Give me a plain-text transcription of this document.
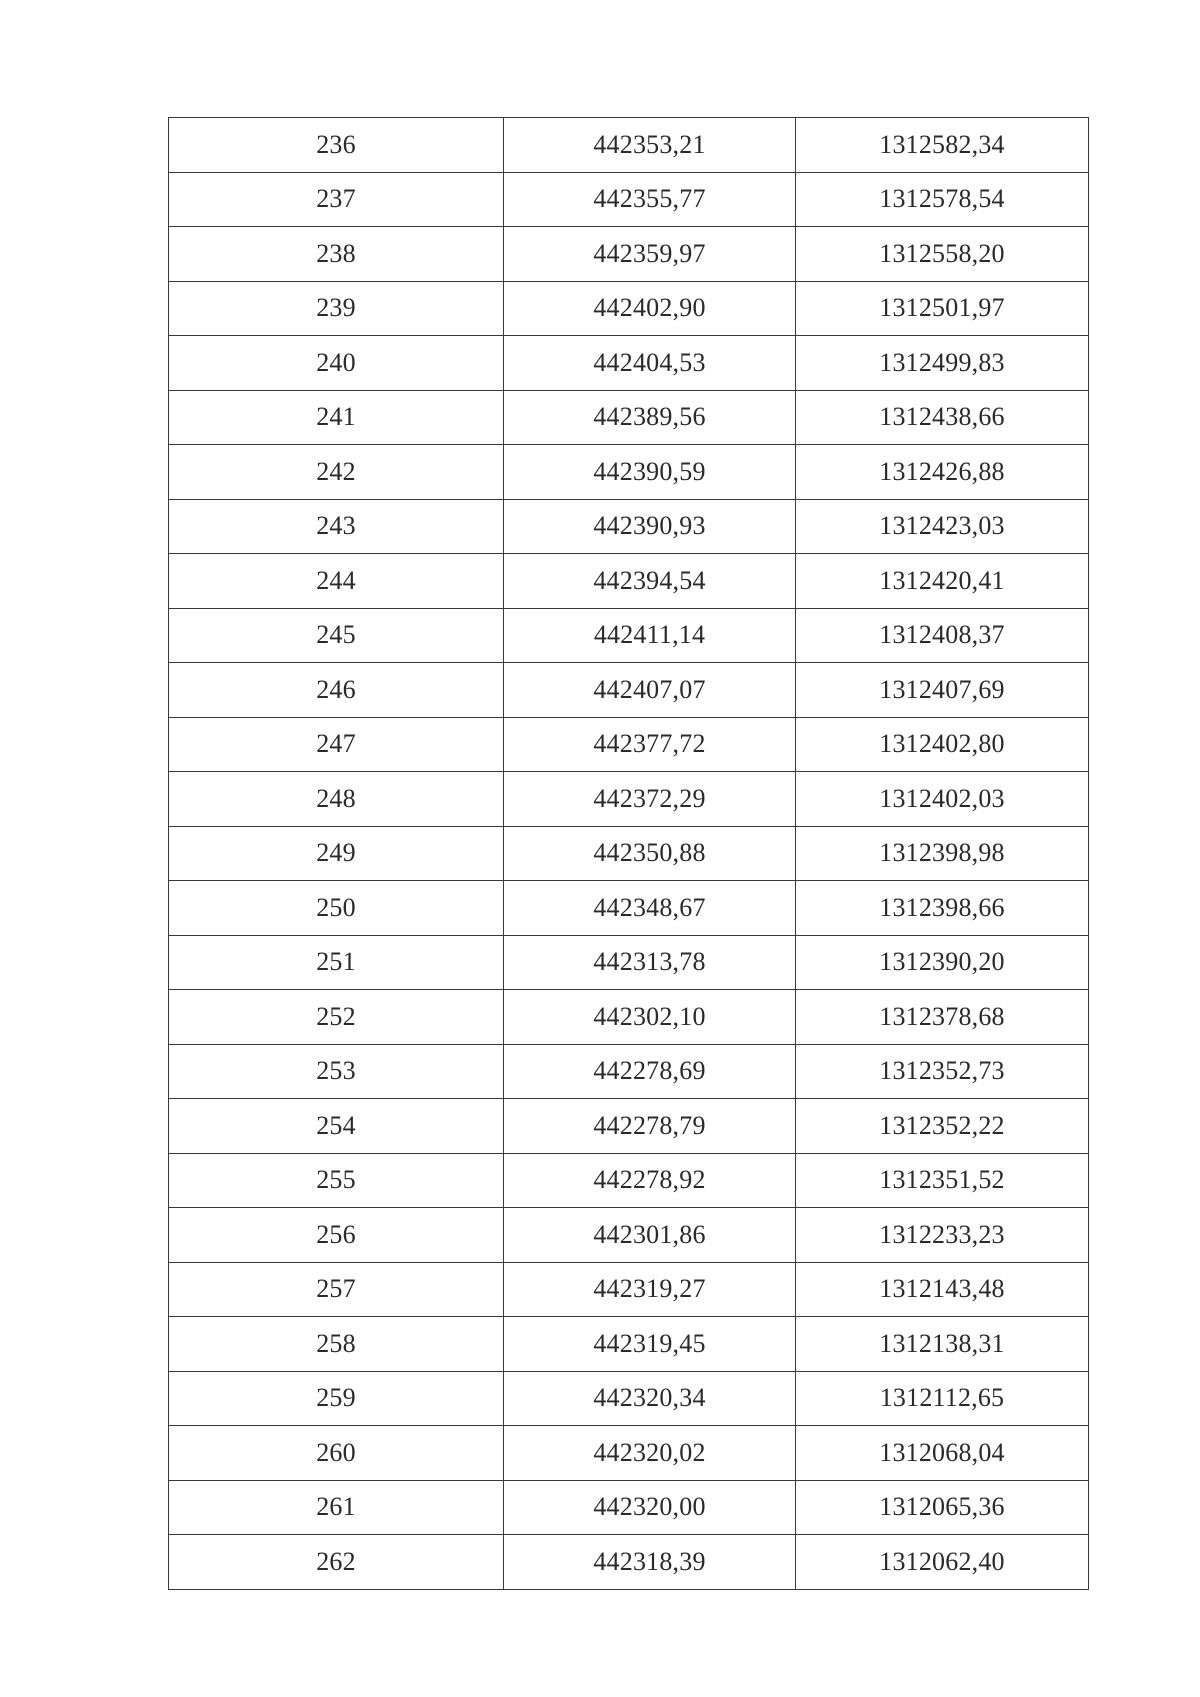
236	442353,21	1312582,34
237	442355,77	1312578,54
238	442359,97	1312558,20
239	442402,90	1312501,97
240	442404,53	1312499,83
241	442389,56	1312438,66
242	442390,59	1312426,88
243	442390,93	1312423,03
244	442394,54	1312420,41
245	442411,14	1312408,37
246	442407,07	1312407,69
247	442377,72	1312402,80
248	442372,29	1312402,03
249	442350,88	1312398,98
250	442348,67	1312398,66
251	442313,78	1312390,20
252	442302,10	1312378,68
253	442278,69	1312352,73
254	442278,79	1312352,22
255	442278,92	1312351,52
256	442301,86	1312233,23
257	442319,27	1312143,48
258	442319,45	1312138,31
259	442320,34	1312112,65
260	442320,02	1312068,04
261	442320,00	1312065,36
262	442318,39	1312062,40
